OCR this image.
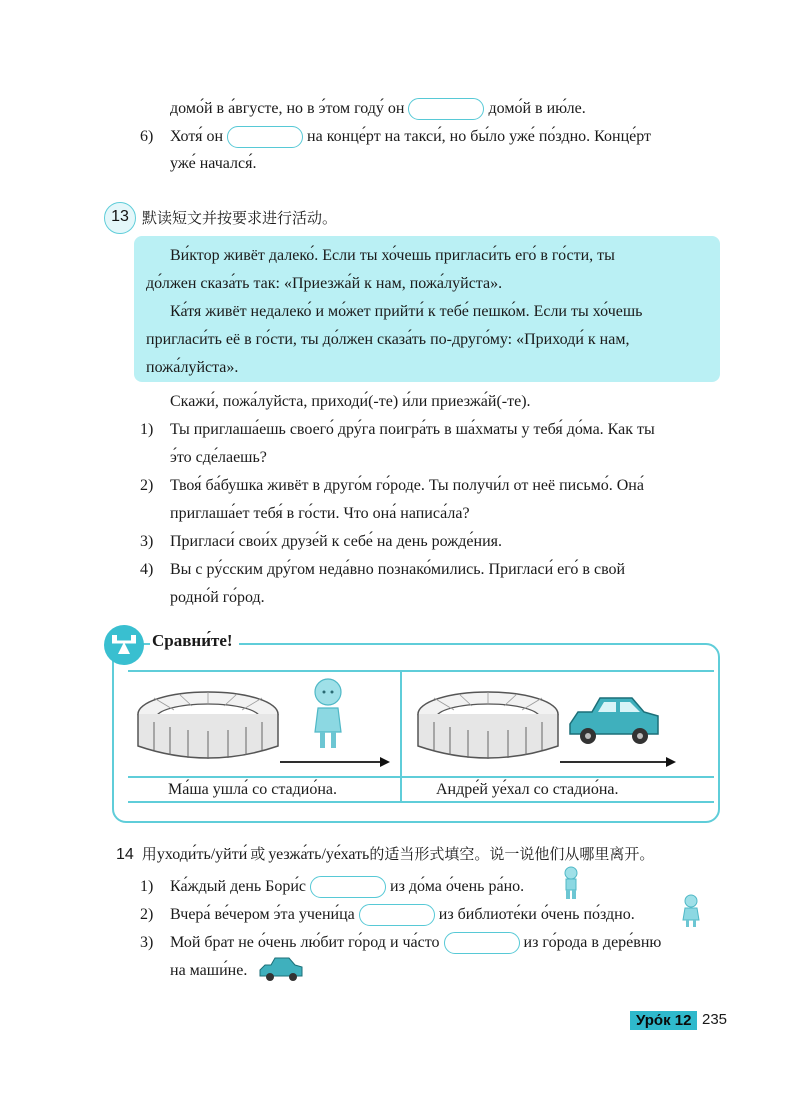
домо́й в а́вгусте, но в э́том году́ он	домо́й в ию́ле.
6) Хотя́ он	на конце́рт на такси́, но бы́ло уже́ по́здно. Конце́рт
уже́ начался́.
13 默读短文并按要求进行活动。
Ви́ктор живёт далеко́. Если ты хо́чешь пригласи́ть его́ в го́сти, ты
до́лжен сказа́ть так: «Приезжа́й к нам, пожа́луйста».
Ка́тя живёт недалеко́ и мо́жет прийти́ к тебе́ пешко́м. Если ты хо́чешь
пригласи́ть её в го́сти, ты до́лжен сказа́ть по-друго́му: «Приходи́ к нам,
пожа́луйста».
Скажи́, пожа́луйста, приходи́(-те) и́ли приезжа́й(-те).
1)	Ты приглаша́ешь своего́ дру́га поигра́ть в ша́хматы у тебя́ до́ма. Как ты
э́то сде́лаешь?
2)	Твоя́ ба́бушка живёт в друго́м го́роде. Ты получи́л от неё письмо́. Она́
приглаша́ет тебя́ в го́сти. Что она́ написа́ла?
3)	Пригласи́ свои́х друзе́й к себе́ на день рожде́ния.
4)	Вы с ру́сским дру́гом неда́вно познако́мились. Пригласи́ его́ в свой
родно́й го́род.
Сравни́те!
Ма́ша ушла́ со стадио́на.	Андре́й уе́хал со стадио́на.
14 用уходи́ть/уйти́ 或 уезжа́ть/уе́хать的适当形式填空。说一说他们从哪里离开。
1) Ка́ждый день Бори́с	из до́ма о́чень ра́но.
2) Вчера́ ве́чером э́та учени́ца	из библиоте́ки о́чень по́здно.
3) Мой брат не о́чень лю́бит го́род и ча́сто	из го́рода в дере́вню
на маши́не.
Уро́к 12 235
